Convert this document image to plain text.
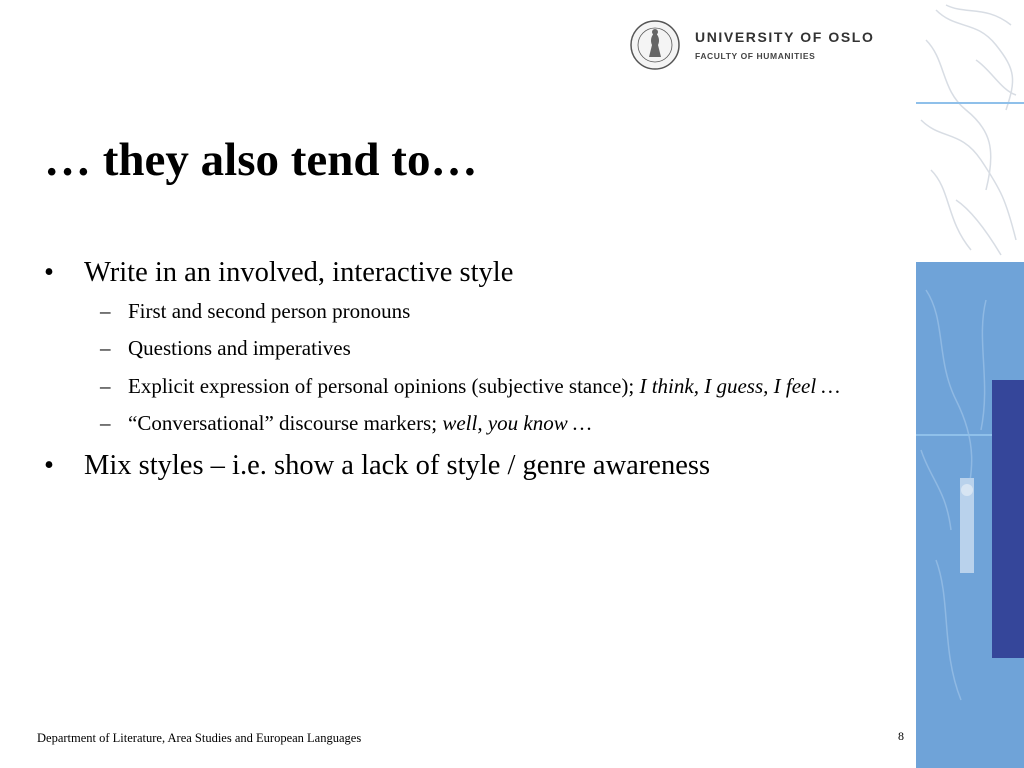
UNIVERSITY OF OSLO
FACULTY OF HUMANITIES
… they also tend to…
• Write in an involved, interactive style
– First and second person pronouns
– Questions and imperatives
– Explicit expression of personal opinions (subjective stance); I think, I guess, I feel …
– “Conversational” discourse markers; well, you know …
• Mix styles – i.e. show a lack of style / genre awareness
Department of Literature, Area Studies and European Languages	8
